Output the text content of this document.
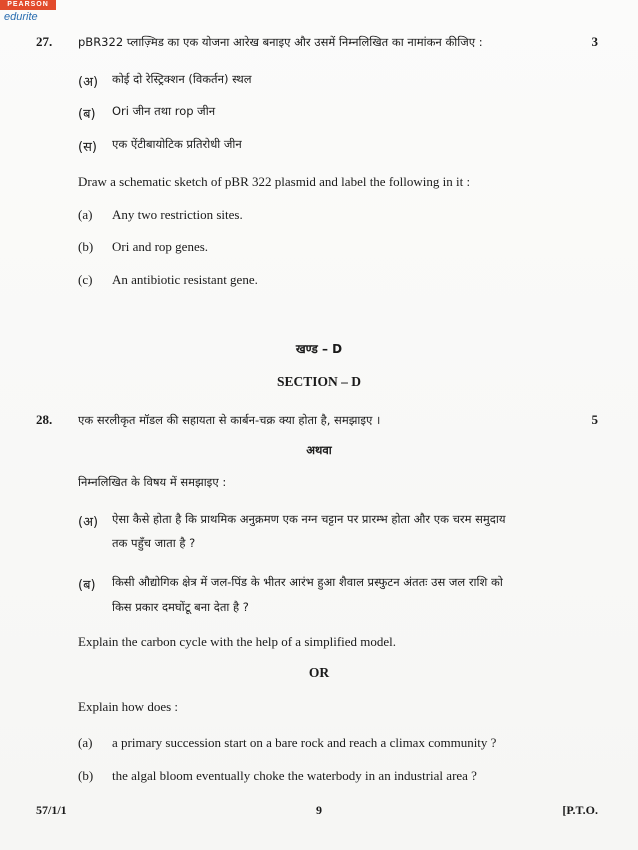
PEARSON
edurite
27. pBR322 प्लाज़्मिड का एक योजना आरेख बनाइए और उसमें निम्नलिखित का नामांकन कीजिए :	3
(अ) कोई दो रेस्ट्रिक्शन (विकर्तन) स्थल
(ब) Ori जीन तथा rop जीन
(स) एक ऐंटीबायोटिक प्रतिरोधी जीन
Draw a schematic sketch of pBR 322 plasmid and label the following in it :
(a) Any two restriction sites.
(b) Ori and rop genes.
(c) An antibiotic resistant gene.
खण्ड – D
SECTION – D
28. एक सरलीकृत मॉडल की सहायता से कार्बन-चक्र क्या होता है, समझाइए ।	5
अथवा
निम्नलिखित के विषय में समझाइए :
(अ) ऐसा कैसे होता है कि प्राथमिक अनुक्रमण एक नग्न चट्टान पर प्रारम्भ होता और एक चरम समुदाय
तक पहुँच जाता है ?
(ब) किसी औद्योगिक क्षेत्र में जल-पिंड के भीतर आरंभ हुआ शैवाल प्रस्फुटन अंततः उस जल राशि को
किस प्रकार दमघोंटू बना देता है ?
Explain the carbon cycle with the help of a simplified model.
OR
Explain how does :
(a) a primary succession start on a bare rock and reach a climax community ?
(b) the algal bloom eventually choke the waterbody in an industrial area ?
57/1/1	9	[P.T.O.
